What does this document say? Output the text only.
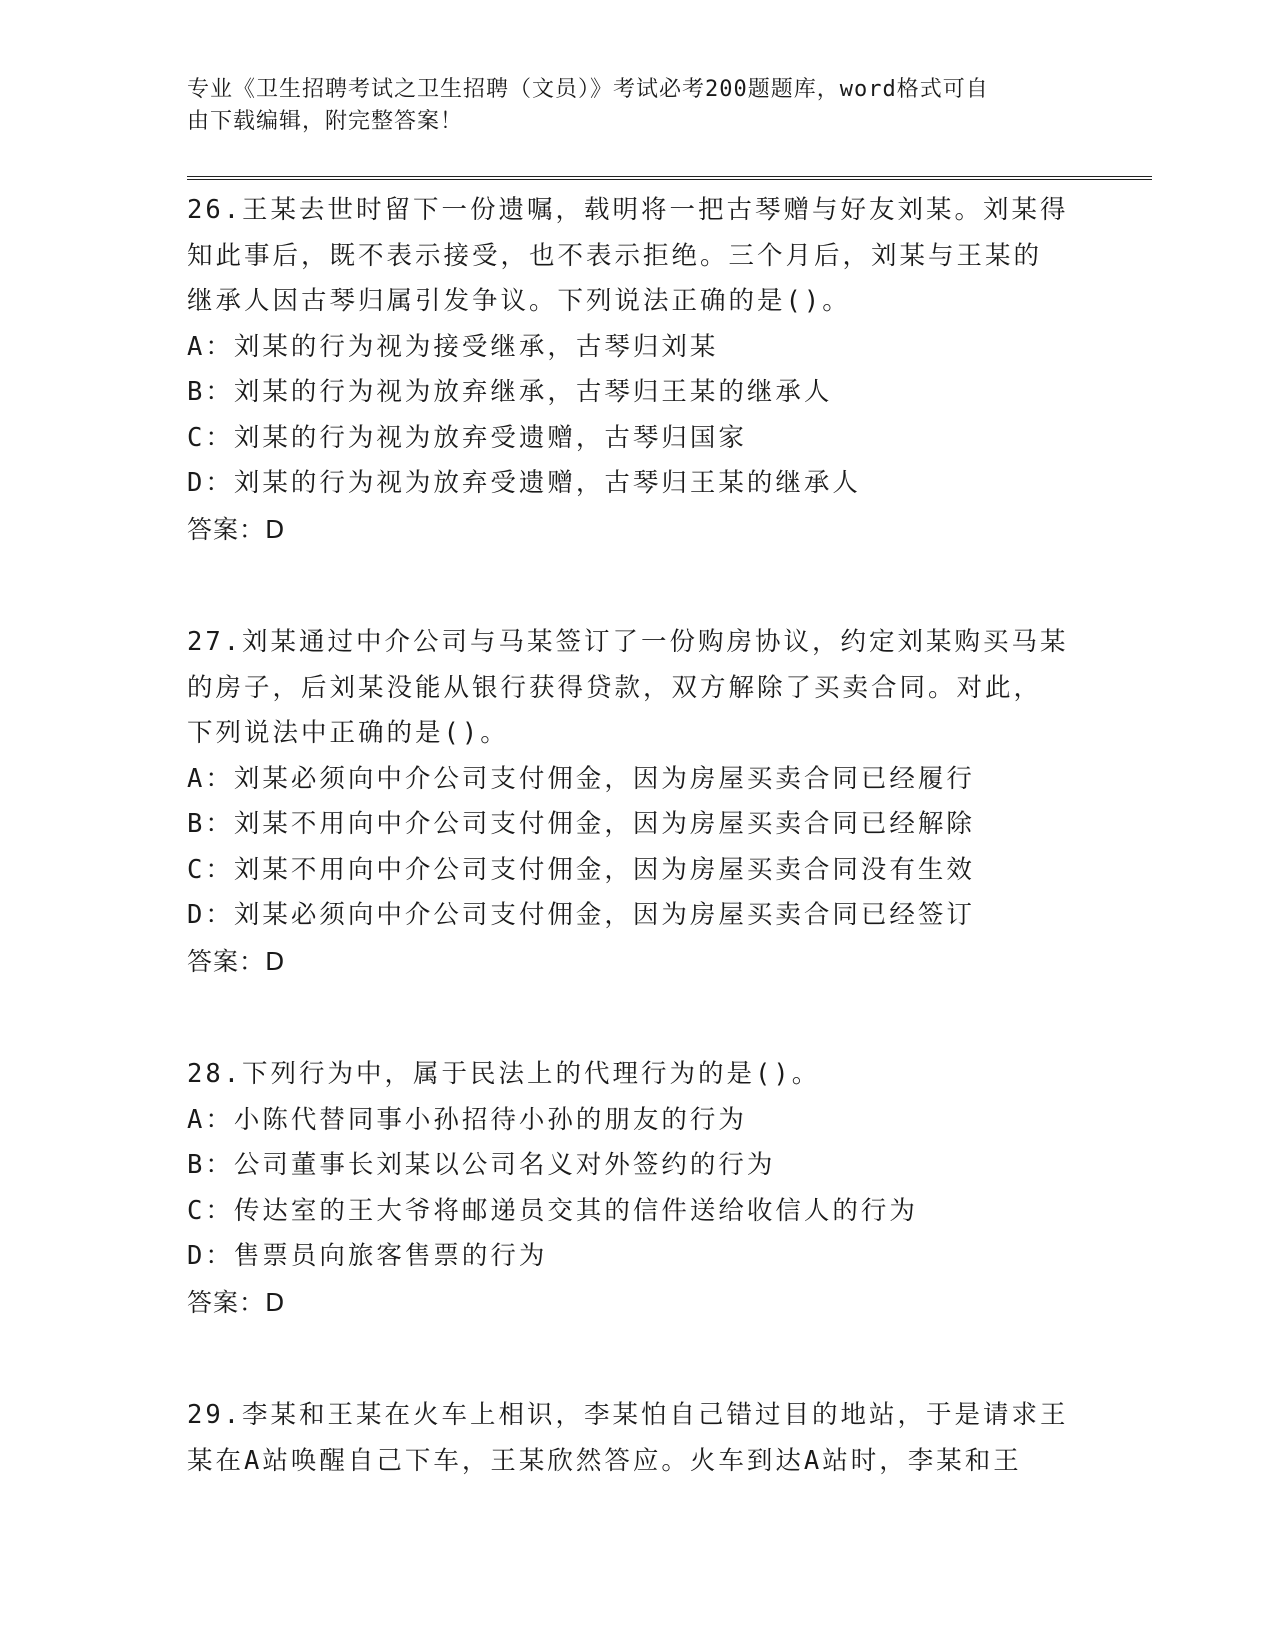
专业《卫生招聘考试之卫生招聘（文员）》考试必考200题题库，word格式可自
由下载编辑，附完整答案！
26.王某去世时留下一份遗嘱，载明将一把古琴赠与好友刘某。刘某得
知此事后，既不表示接受，也不表示拒绝。三个月后，刘某与王某的
继承人因古琴归属引发争议。下列说法正确的是()。
A：刘某的行为视为接受继承，古琴归刘某
B：刘某的行为视为放弃继承，古琴归王某的继承人
C：刘某的行为视为放弃受遗赠，古琴归国家
D：刘某的行为视为放弃受遗赠，古琴归王某的继承人
答案：D
27.刘某通过中介公司与马某签订了一份购房协议，约定刘某购买马某
的房子，后刘某没能从银行获得贷款，双方解除了买卖合同。对此，
下列说法中正确的是()。
A：刘某必须向中介公司支付佣金，因为房屋买卖合同已经履行
B：刘某不用向中介公司支付佣金，因为房屋买卖合同已经解除
C：刘某不用向中介公司支付佣金，因为房屋买卖合同没有生效
D：刘某必须向中介公司支付佣金，因为房屋买卖合同已经签订
答案：D
28.下列行为中，属于民法上的代理行为的是()。
A：小陈代替同事小孙招待小孙的朋友的行为
B：公司董事长刘某以公司名义对外签约的行为
C：传达室的王大爷将邮递员交其的信件送给收信人的行为
D：售票员向旅客售票的行为
答案：D
29.李某和王某在火车上相识，李某怕自己错过目的地站，于是请求王
某在A站唤醒自己下车，王某欣然答应。火车到达A站时，李某和王
